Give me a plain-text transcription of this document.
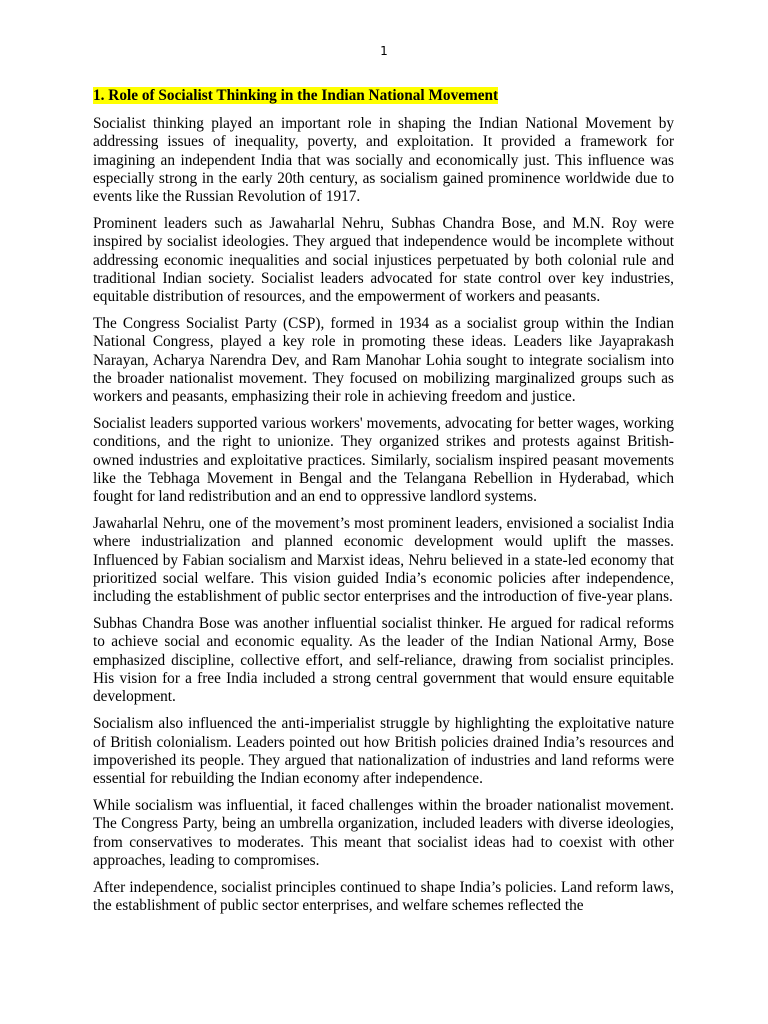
1

1. Role of Socialist Thinking in the Indian National Movement

Socialist thinking played an important role in shaping the Indian National Movement by addressing issues of inequality, poverty, and exploitation. It provided a framework for imagining an independent India that was socially and economically just. This influence was especially strong in the early 20th century, as socialism gained prominence worldwide due to events like the Russian Revolution of 1917.

Prominent leaders such as Jawaharlal Nehru, Subhas Chandra Bose, and M.N. Roy were inspired by socialist ideologies. They argued that independence would be incomplete without addressing economic inequalities and social injustices perpetuated by both colonial rule and traditional Indian society. Socialist leaders advocated for state control over key industries, equitable distribution of resources, and the empowerment of workers and peasants.

The Congress Socialist Party (CSP), formed in 1934 as a socialist group within the Indian National Congress, played a key role in promoting these ideas. Leaders like Jayaprakash Narayan, Acharya Narendra Dev, and Ram Manohar Lohia sought to integrate socialism into the broader nationalist movement. They focused on mobilizing marginalized groups such as workers and peasants, emphasizing their role in achieving freedom and justice.

Socialist leaders supported various workers' movements, advocating for better wages, working conditions, and the right to unionize. They organized strikes and protests against British-owned industries and exploitative practices. Similarly, socialism inspired peasant movements like the Tebhaga Movement in Bengal and the Telangana Rebellion in Hyderabad, which fought for land redistribution and an end to oppressive landlord systems.

Jawaharlal Nehru, one of the movement’s most prominent leaders, envisioned a socialist India where industrialization and planned economic development would uplift the masses. Influenced by Fabian socialism and Marxist ideas, Nehru believed in a state-led economy that prioritized social welfare. This vision guided India’s economic policies after independence, including the establishment of public sector enterprises and the introduction of five-year plans.

Subhas Chandra Bose was another influential socialist thinker. He argued for radical reforms to achieve social and economic equality. As the leader of the Indian National Army, Bose emphasized discipline, collective effort, and self-reliance, drawing from socialist principles. His vision for a free India included a strong central government that would ensure equitable development.

Socialism also influenced the anti-imperialist struggle by highlighting the exploitative nature of British colonialism. Leaders pointed out how British policies drained India’s resources and impoverished its people. They argued that nationalization of industries and land reforms were essential for rebuilding the Indian economy after independence.

While socialism was influential, it faced challenges within the broader nationalist movement. The Congress Party, being an umbrella organization, included leaders with diverse ideologies, from conservatives to moderates. This meant that socialist ideas had to coexist with other approaches, leading to compromises.

After independence, socialist principles continued to shape India’s policies. Land reform laws, the establishment of public sector enterprises, and welfare schemes reflected the
